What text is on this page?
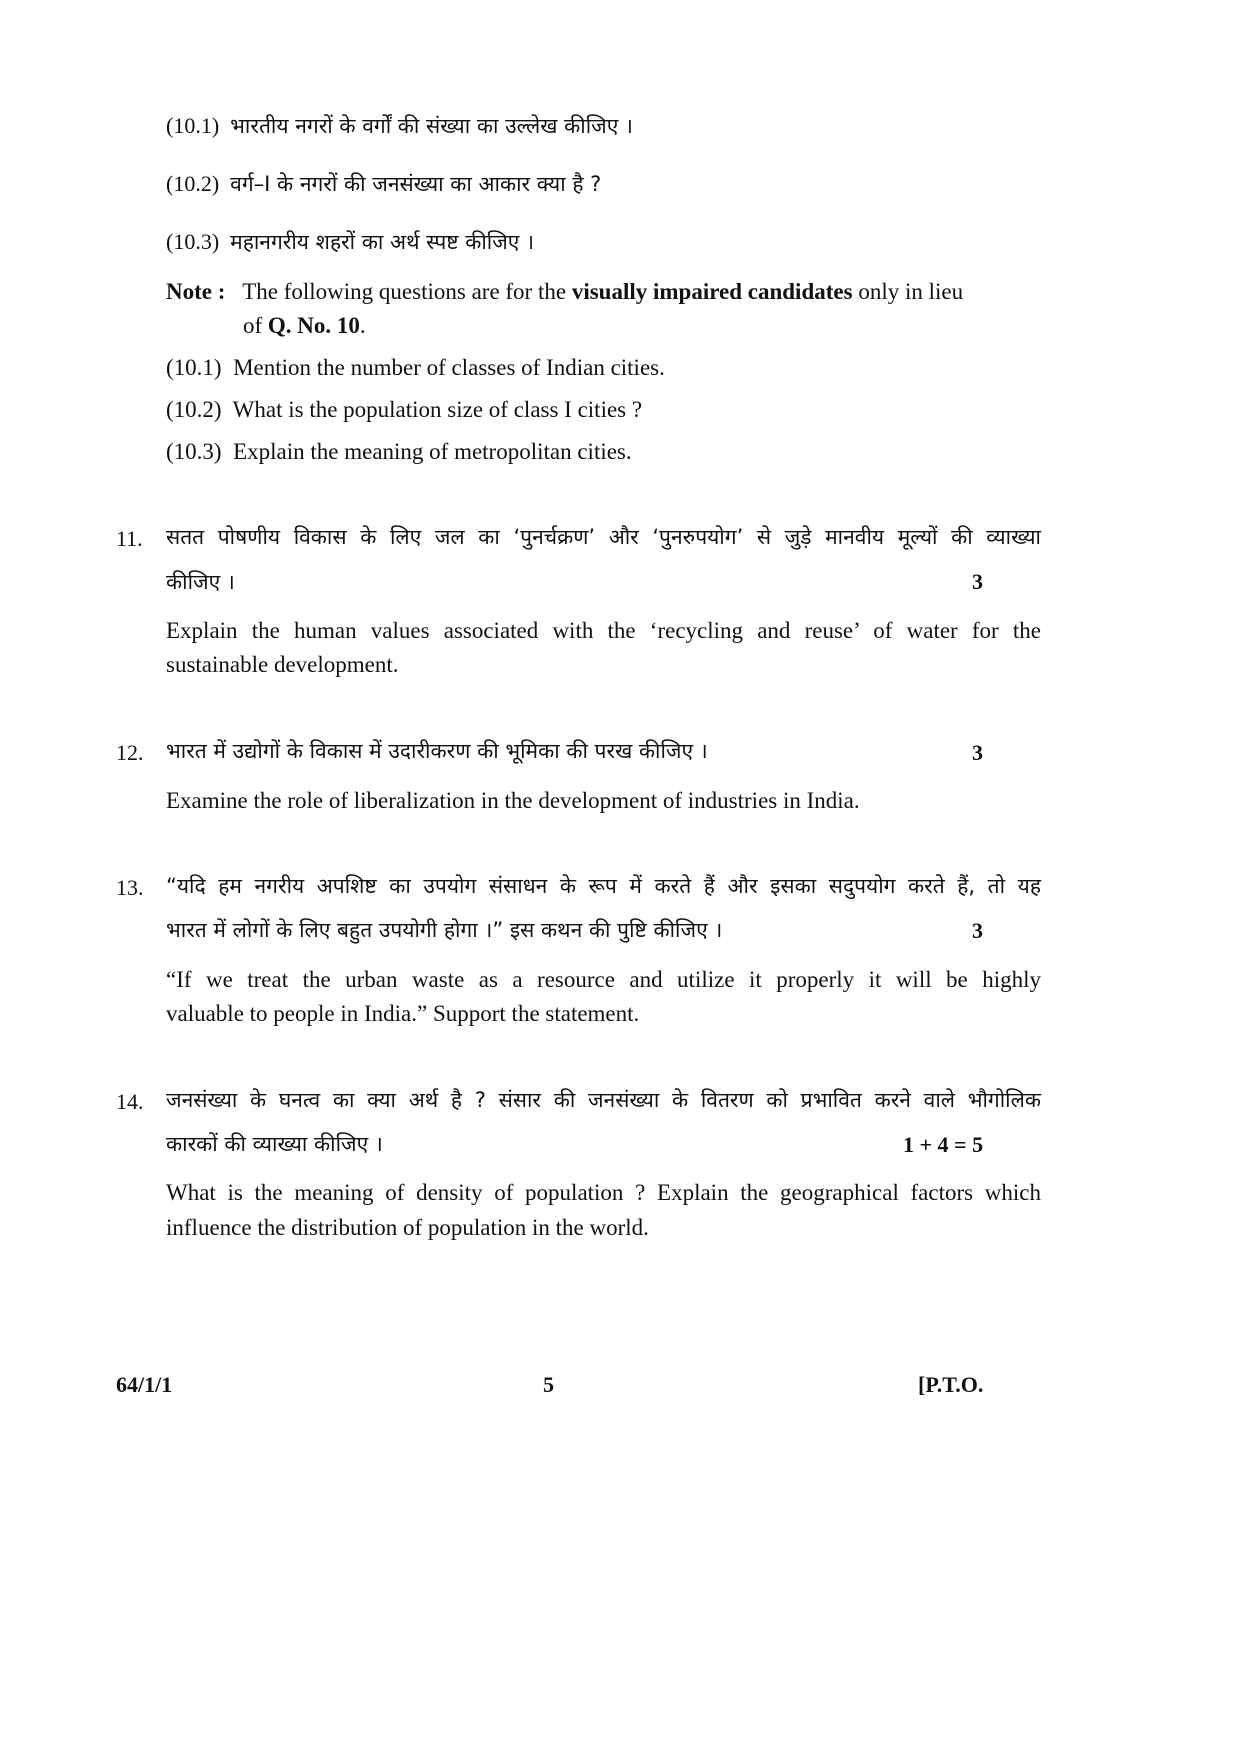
(10.1) भारतीय नगरों के वर्गों की संख्या का उल्लेख कीजिए ।
(10.2) वर्ग–I के नगरों की जनसंख्या का आकार क्या है ?
(10.3) महानगरीय शहरों का अर्थ स्पष्ट कीजिए ।
Note : The following questions are for the visually impaired candidates only in lieu
of Q. No. 10.
(10.1) Mention the number of classes of Indian cities.
(10.2) What is the population size of class I cities ?
(10.3) Explain the meaning of metropolitan cities.
11. सतत पोषणीय विकास के लिए जल का ‘पुनर्चक्रण’ और ‘पुनरुपयोग’ से जुड़े मानवीय मूल्यों की व्याख्या
कीजिए ।	3
Explain the human values associated with the ‘recycling and reuse’ of water for the
sustainable development.
12. भारत में उद्योगों के विकास में उदारीकरण की भूमिका की परख कीजिए ।	3
Examine the role of liberalization in the development of industries in India.
13. “यदि हम नगरीय अपशिष्ट का उपयोग संसाधन के रूप में करते हैं और इसका सदुपयोग करते हैं, तो यह
भारत में लोगों के लिए बहुत उपयोगी होगा ।” इस कथन की पुष्टि कीजिए ।	3
“If we treat the urban waste as a resource and utilize it properly it will be highly
valuable to people in India.” Support the statement.
14. जनसंख्या के घनत्व का क्या अर्थ है ? संसार की जनसंख्या के वितरण को प्रभावित करने वाले भौगोलिक
कारकों की व्याख्या कीजिए ।	1 + 4 = 5
What is the meaning of density of population ? Explain the geographical factors which
influence the distribution of population in the world.
64/1/1	5	[P.T.O.
